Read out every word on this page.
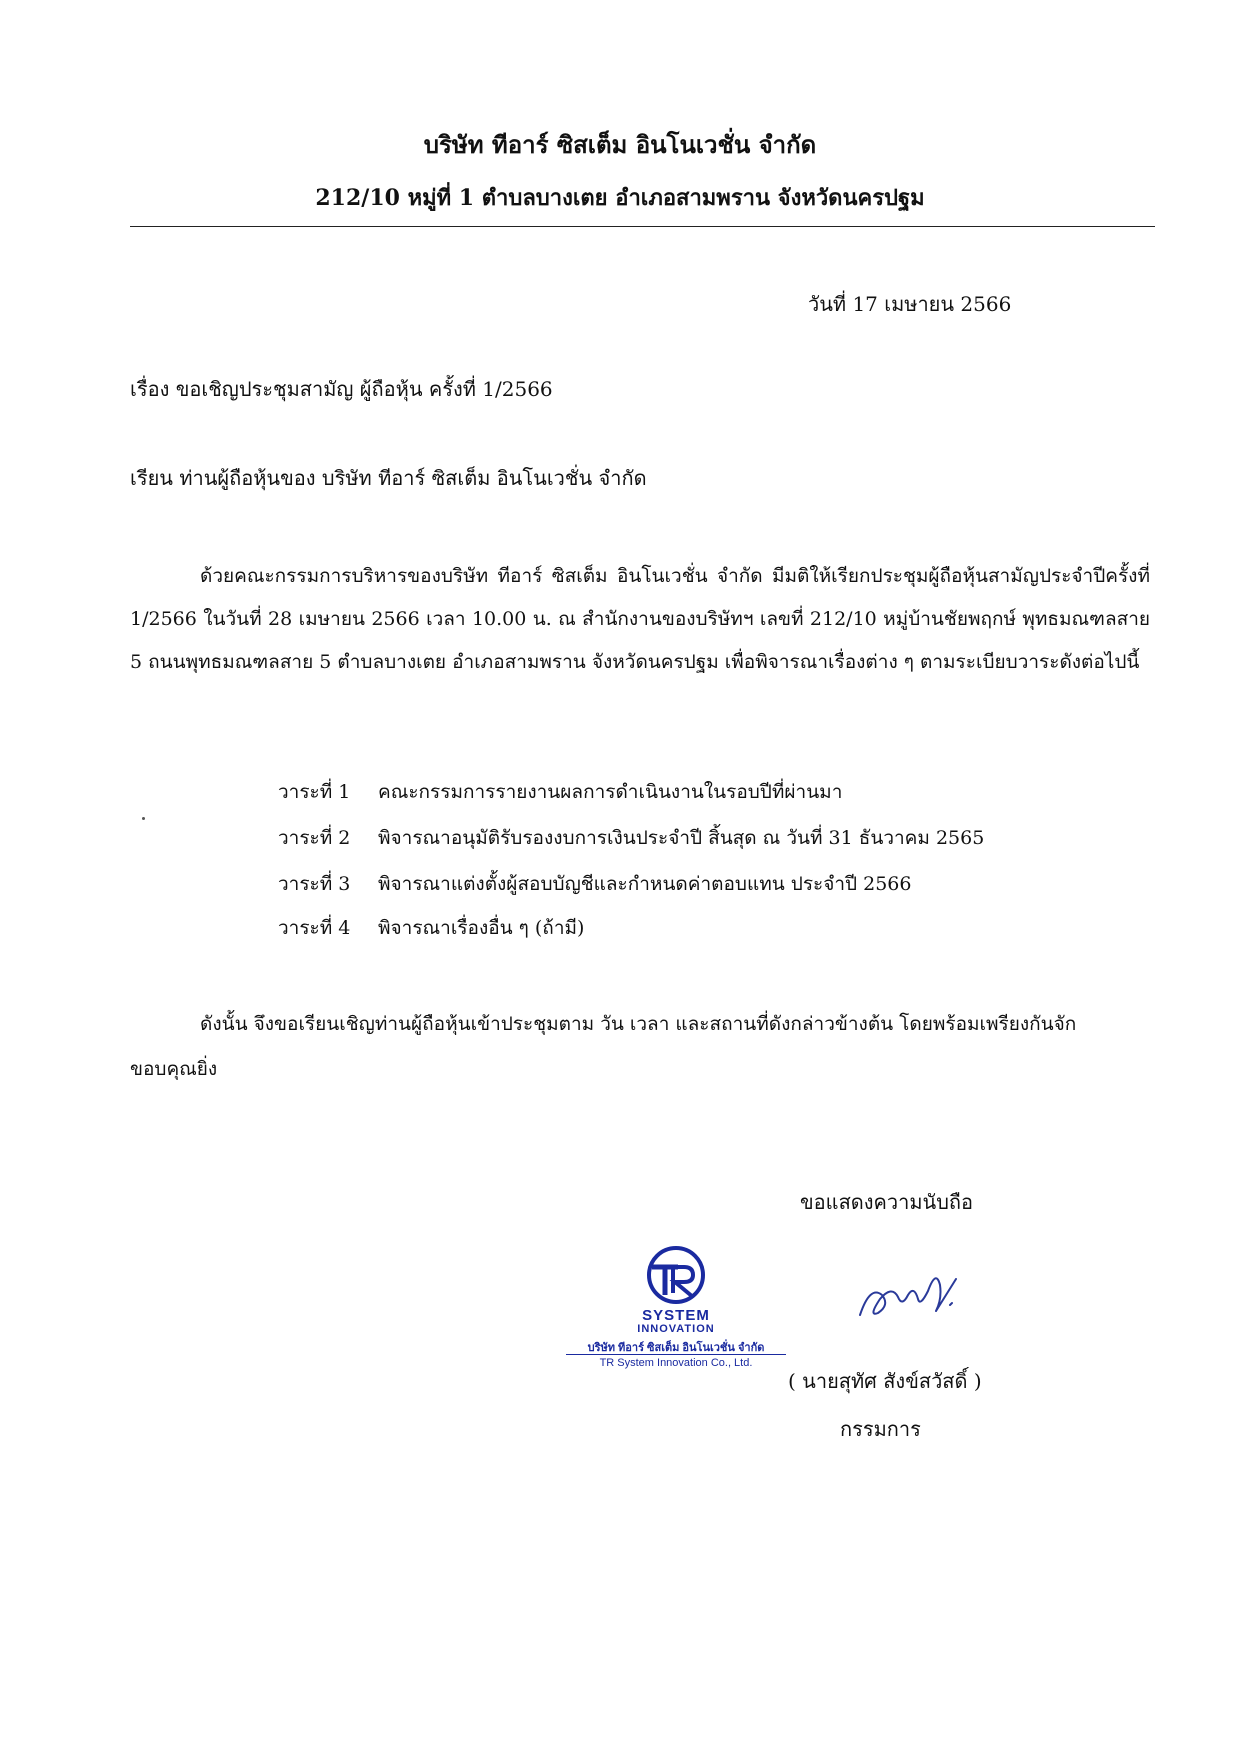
บริษัท ทีอาร์ ซิสเต็ม อินโนเวชั่น จำกัด
212/10 หมู่ที่ 1 ตำบลบางเตย อำเภอสามพราน จังหวัดนครปฐม
วันที่ 17 เมษายน 2566
เรื่อง ขอเชิญประชุมสามัญ ผู้ถือหุ้น ครั้งที่ 1/2566
เรียน ท่านผู้ถือหุ้นของ บริษัท ทีอาร์ ซิสเต็ม อินโนเวชั่น จำกัด

ด้วยคณะกรรมการบริหารของบริษัท ทีอาร์ ซิสเต็ม อินโนเวชั่น จำกัด มีมติให้เรียกประชุมผู้ถือหุ้นสามัญประจำปีครั้งที่ 1/2566 ในวันที่ 28 เมษายน 2566 เวลา 10.00 น. ณ สำนักงานของบริษัทฯ เลขที่ 212/10 หมู่บ้านชัยพฤกษ์ พุทธมณฑลสาย 5 ถนนพุทธมณฑลสาย 5 ตำบลบางเตย อำเภอสามพราน จังหวัดนครปฐม เพื่อพิจารณาเรื่องต่าง ๆ ตามระเบียบวาระดังต่อไปนี้

วาระที่ 1 คณะกรรมการรายงานผลการดำเนินงานในรอบปีที่ผ่านมา
วาระที่ 2 พิจารณาอนุมัติรับรองงบการเงินประจำปี สิ้นสุด ณ วันที่ 31 ธันวาคม 2565
วาระที่ 3 พิจารณาแต่งตั้งผู้สอบบัญชีและกำหนดค่าตอบแทน ประจำปี 2566
วาระที่ 4 พิจารณาเรื่องอื่น ๆ (ถ้ามี)

ดังนั้น จึงขอเรียนเชิญท่านผู้ถือหุ้นเข้าประชุมตาม วัน เวลา และสถานที่ดังกล่าวข้างต้น โดยพร้อมเพรียงกันจักขอบคุณยิ่ง

ขอแสดงความนับถือ
SYSTEM
INNOVATION
บริษัท ทีอาร์ ซิสเต็ม อินโนเวชั่น จำกัด
TR System Innovation Co., Ltd.
( นายสุทัศ สังข์สวัสดิ์ )
กรรมการ
